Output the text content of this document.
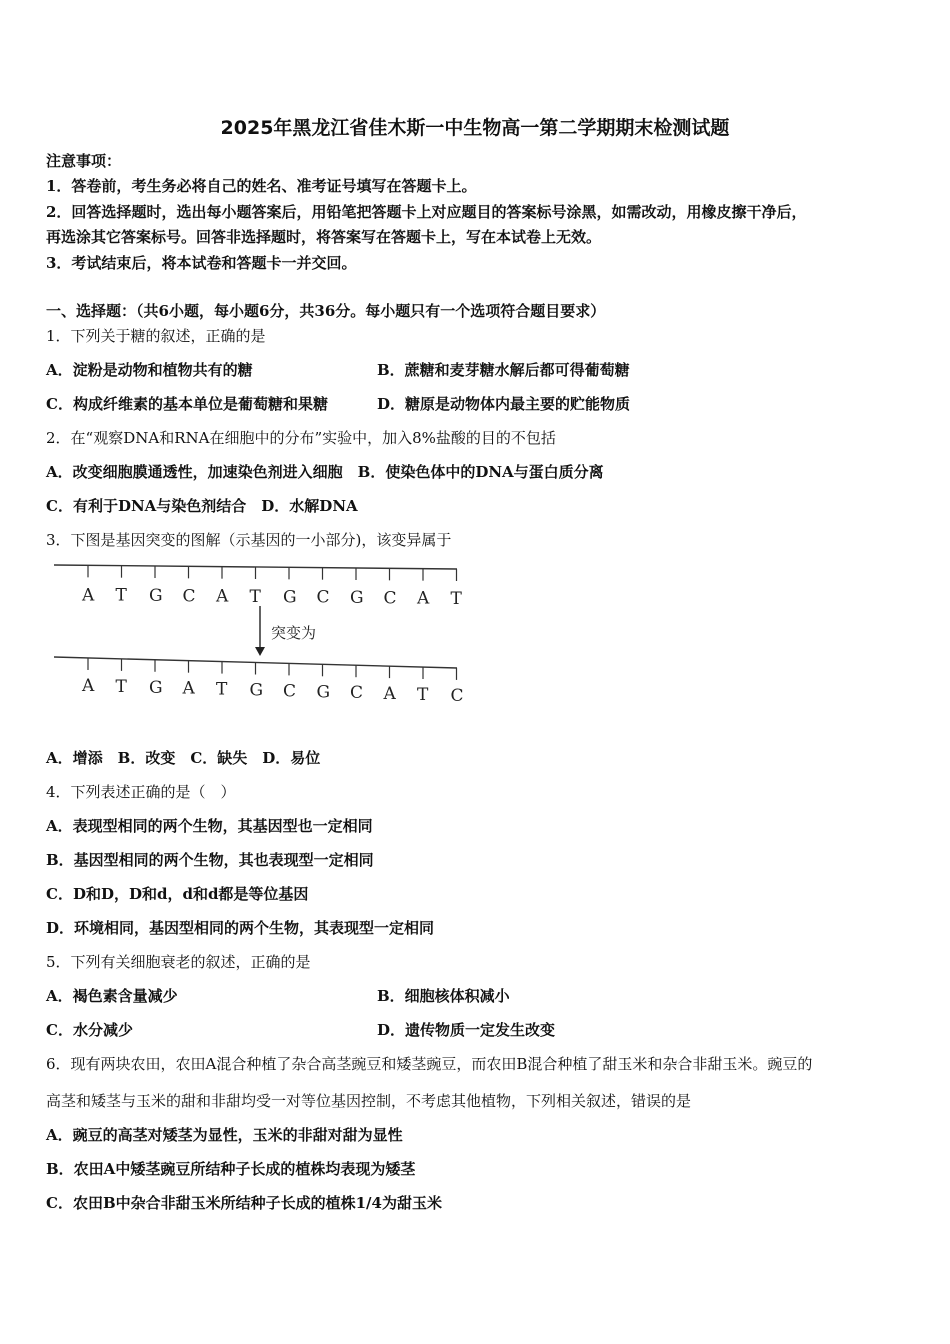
2025年黑龙江省佳木斯一中生物高一第二学期期末检测试题
注意事项：
1．答卷前，考生务必将自己的姓名、准考证号填写在答题卡上。
2．回答选择题时，选出每小题答案后，用铅笔把答题卡上对应题目的答案标号涂黑，如需改动，用橡皮擦干净后，
再选涂其它答案标号。回答非选择题时，将答案写在答题卡上，写在本试卷上无效。
3．考试结束后，将本试卷和答题卡一并交回。
一、选择题：（共6小题，每小题6分，共36分。每小题只有一个选项符合题目要求）
1．下列关于糖的叙述，正确的是
A．淀粉是动物和植物共有的糖	B．蔗糖和麦芽糖水解后都可得葡萄糖
C．构成纤维素的基本单位是葡萄糖和果糖	D．糖原是动物体内最主要的贮能物质
2．在“观察DNA和RNA在细胞中的分布”实验中，加入8%盐酸的目的不包括
A．改变细胞膜通透性，加速染色剂进入细胞　B．使染色体中的DNA与蛋白质分离
C．有利于DNA与染色剂结合　D．水解DNA
3．下图是基因突变的图解（示基因的一小部分)，该变异属于
A T G C A T G C G C A T
突变为
A T G A T G C G C A T C
A．增添　B．改变　C．缺失　D．易位
4．下列表述正确的是（　）
A．表现型相同的两个生物，其基因型也一定相同
B．基因型相同的两个生物，其也表现型一定相同
C．D和D，D和d，d和d都是等位基因
D．环境相同，基因型相同的两个生物，其表现型一定相同
5．下列有关细胞衰老的叙述，正确的是
A．褐色素含量减少	B．细胞核体积减小
C．水分减少	D．遗传物质一定发生改变
6．现有两块农田，农田A混合种植了杂合高茎豌豆和矮茎豌豆，而农田B混合种植了甜玉米和杂合非甜玉米。豌豆的
高茎和矮茎与玉米的甜和非甜均受一对等位基因控制，不考虑其他植物，下列相关叙述，错误的是
A．豌豆的高茎对矮茎为显性，玉米的非甜对甜为显性
B．农田A中矮茎豌豆所结种子长成的植株均表现为矮茎
C．农田B中杂合非甜玉米所结种子长成的植株1/4为甜玉米
